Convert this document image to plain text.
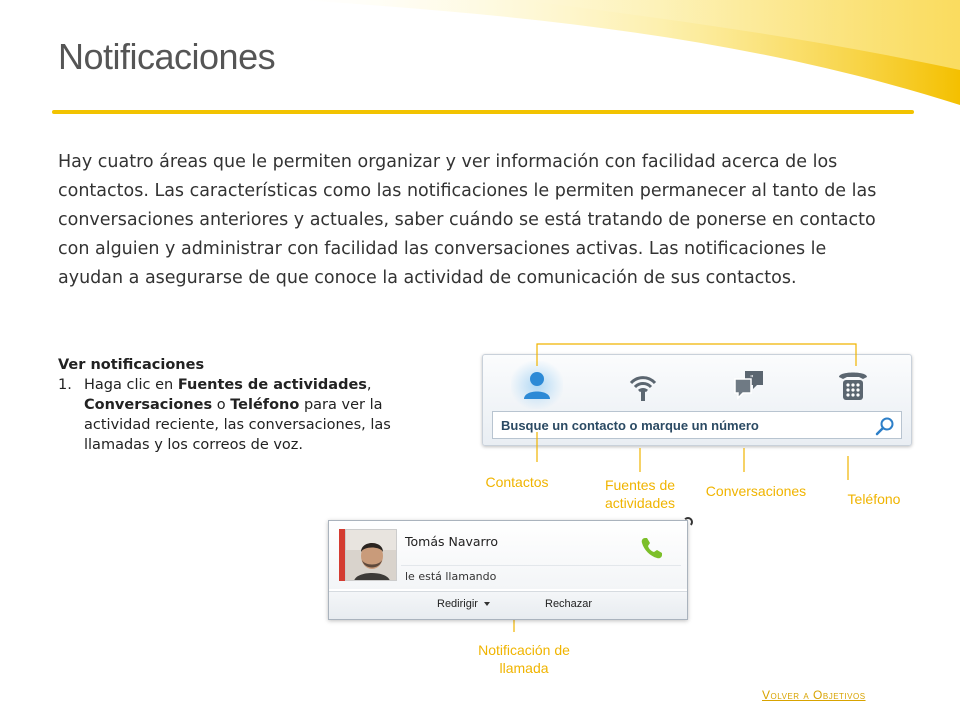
Notificaciones

Hay cuatro áreas que le permiten organizar y ver información con facilidad acerca de los contactos. Las características como las notificaciones le permiten permanecer al tanto de las conversaciones anteriores y actuales, saber cuándo se está tratando de ponerse en contacto con alguien y administrar con facilidad las conversaciones activas. Las notificaciones le ayudan a asegurarse de que conoce la actividad de comunicación de sus contactos.

Ver notificaciones
1. Haga clic en Fuentes de actividades, Conversaciones o Teléfono para ver la actividad reciente, las conversaciones, las llamadas y los correos de voz.
"
Busque un contacto o marque un número
Contactos	Fuentes de actividades
Conversaciones	Teléfono
Tomás Navarro
le está llamando
Redirigir	Rechazar
Notificación de llamada
Volver a Objetivos
